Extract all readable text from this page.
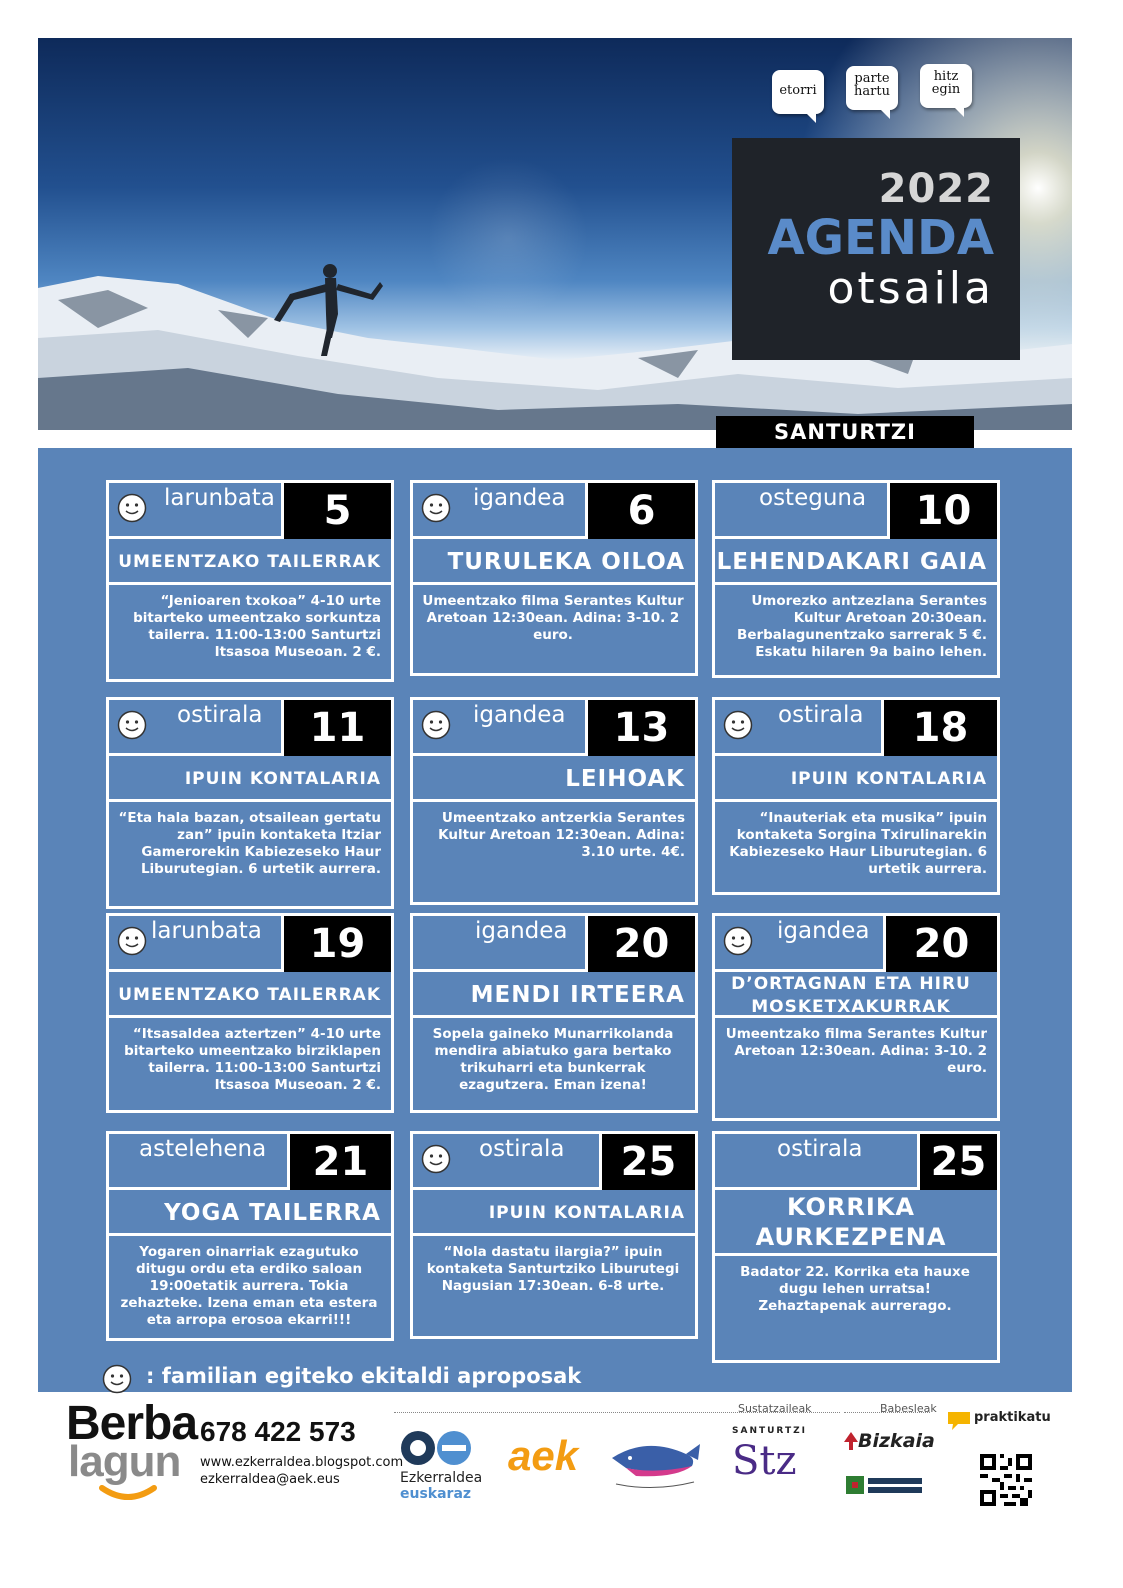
etorri
parte hartu
hitz egin
2022
AGENDA
otsaila
SANTURTZI
larunbata	5
UMEENTZAKO TAILERRAK
“Jenioaren txokoa” 4-10 urte bitarteko umeentzako sorkuntza tailerra. 11:00-13:00 Santurtzi Itsasoa Museoan. 2 €.
igandea	6
TURULEKA OILOA
Umeentzako filma Serantes Kultur Aretoan 12:30ean. Adina: 3-10. 2 euro.
osteguna	10
LEHENDAKARI GAIA
Umorezko antzezlana Serantes Kultur Aretoan 20:30ean. Berbalagunentzako sarrerak 5 €. Eskatu hilaren 9a baino lehen.
ostirala	11
IPUIN KONTALARIA
“Eta hala bazan, otsailean gertatu zan” ipuin kontaketa Itziar Gamerorekin Kabiezeseko Haur Liburutegian. 6 urtetik aurrera.
igandea	13
LEIHOAK
Umeentzako antzerkia Serantes Kultur Aretoan 12:30ean. Adina: 3.10 urte. 4€.
ostirala	18
IPUIN KONTALARIA
“Inauteriak eta musika” ipuin kontaketa Sorgina Txirulinarekin Kabiezeseko Haur Liburutegian. 6 urtetik aurrera.
larunbata	19
UMEENTZAKO TAILERRAK
“Itsasaldea aztertzen” 4-10 urte bitarteko umeentzako birziklapen tailerra. 11:00-13:00 Santurtzi Itsasoa Museoan. 2 €.
igandea	20
MENDI IRTEERA
Sopela gaineko Munarrikolanda mendira abiatuko gara bertako trikuharri eta bunkerrak ezagutzera. Eman izena!
igandea	20
D’ORTAGNAN ETA HIRU MOSKETXAKURRAK
Umeentzako filma Serantes Kultur Aretoan 12:30ean. Adina: 3-10. 2 euro.
astelehena	21
YOGA TAILERRA
Yogaren oinarriak ezagutuko ditugu ordu eta erdiko saloan 19:00etatik aurrera. Tokia zehazteke. Izena eman eta estera eta arropa erosoa ekarri!!!
ostirala	25
IPUIN KONTALARIA
“Nola dastatu ilargia?” ipuin kontaketa Santurtziko Liburutegi Nagusian 17:30ean. 6-8 urte.
ostirala	25
KORRIKA AURKEZPENA
Badator 22. Korrika eta hauxe dugu lehen urratsa! Zehaztapenak aurrerago.
: familian egiteko ekitaldi aproposak
Berba
lagun
678 422 573
www.ezkerraldea.blogspot.com
ezkerraldea@aek.eus
Sustatzaileak	Babesleak
Ezkerraldea
euskaraz
aek
SANTURTZI
Stz	Bizkaia
praktikatu
